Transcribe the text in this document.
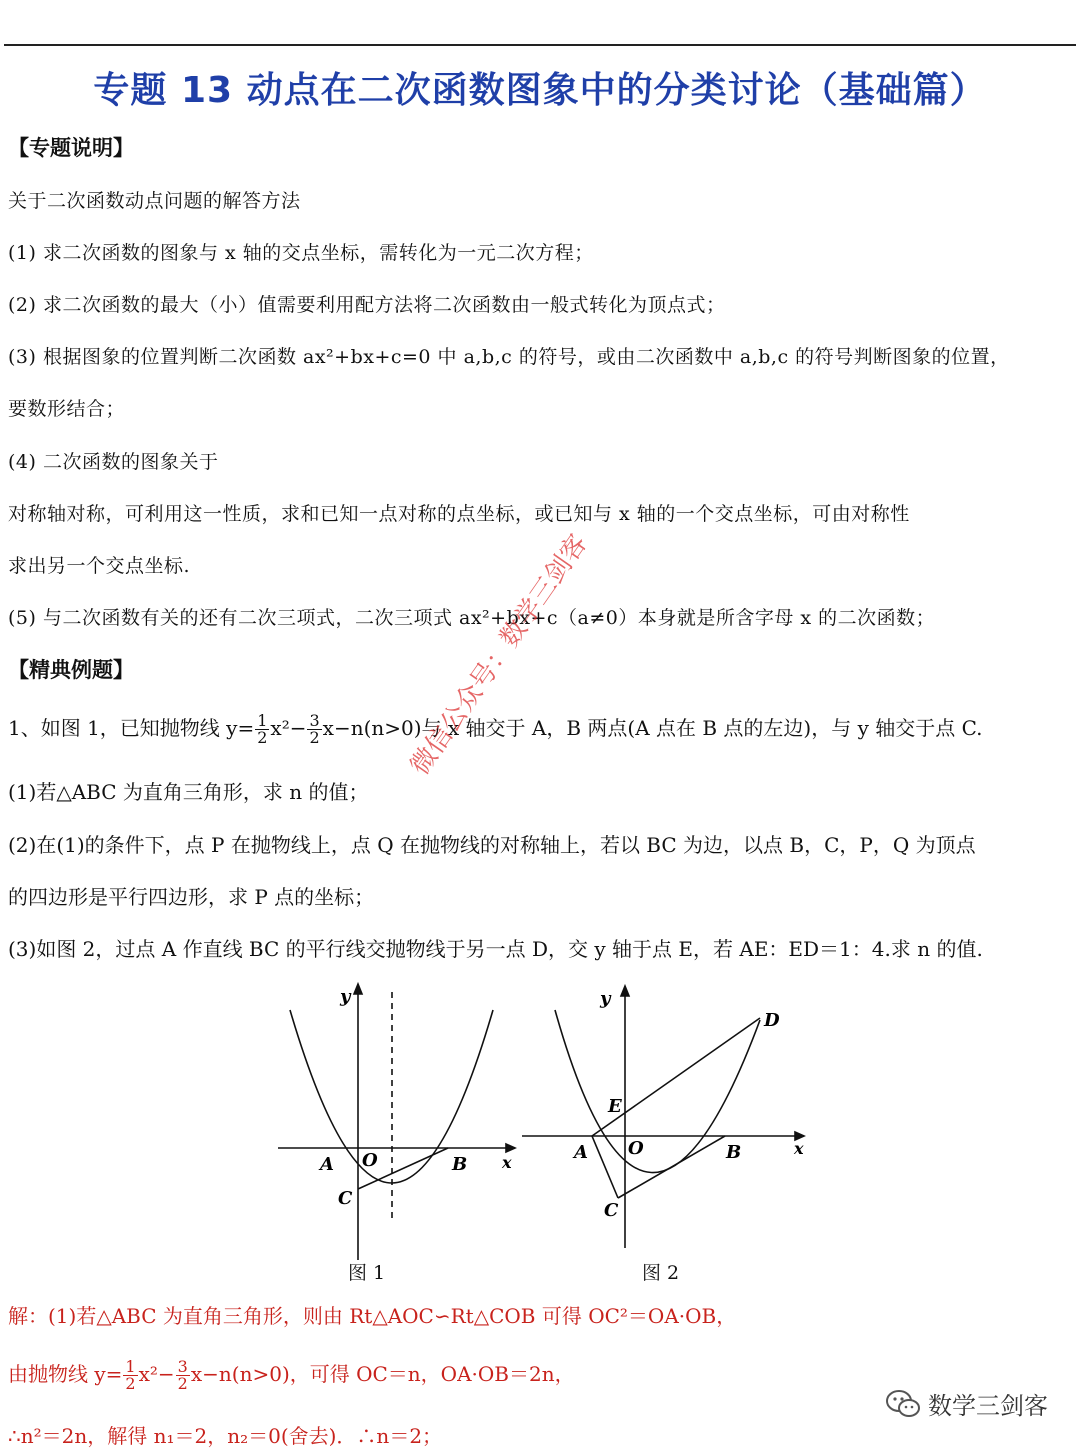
专题 13 动点在二次函数图象中的分类讨论（基础篇）
【专题说明】
关于二次函数动点问题的解答方法
(1) 求二次函数的图象与 x 轴的交点坐标，需转化为一元二次方程；
(2) 求二次函数的最大（小）值需要利用配方法将二次函数由一般式转化为顶点式；
(3) 根据图象的位置判断二次函数 ax²+bx+c=0 中 a,b,c 的符号，或由二次函数中 a,b,c 的符号判断图象的位置，
要数形结合；
(4) 二次函数的图象关于
对称轴对称，可利用这一性质，求和已知一点对称的点坐标，或已知与 x 轴的一个交点坐标，可由对称性
求出另一个交点坐标.
(5) 与二次函数有关的还有二次三项式，二次三项式 ax²+bx+c（a≠0）本身就是所含字母 x 的二次函数；
【精典例题】
1、如图 1，已知抛物线 $y= \frac{1}{2} x^2- \frac{3}{2} x-n(n>0)$与 x 轴交于 A，B 两点(A 点在 B 点的左边)，与 y 轴交于点 C.
(1)若△ABC 为直角三角形，求 n 的值；
(2)在(1)的条件下，点 P 在抛物线上，点 Q 在抛物线的对称轴上，若以 BC 为边，以点 B，C，P，Q 为顶点
的四边形是平行四边形，求 P 点的坐标；
(3)如图 2，过点 A 作直线 BC 的平行线交抛物线于另一点 D，交 y 轴于点 E，若 AE：ED＝1：4.求 n 的值.
微信公众号：数学三剑客
y
x
A O	B
C
y
x
A O	B
C
D
E
图 1	图 2
解：(1)若△ABC 为直角三角形，则由 Rt△AOC∽Rt△COB 可得 OC²＝OA·OB，
由抛物线 $y= \frac{1}{2} x^2- \frac{3}{2} x-n(n>0)$，可得 OC＝n，OA·OB＝2n，
∴n²＝2n，解得 n₁＝2，n₂＝0(舍去)．∴n＝2；
数学三剑客
